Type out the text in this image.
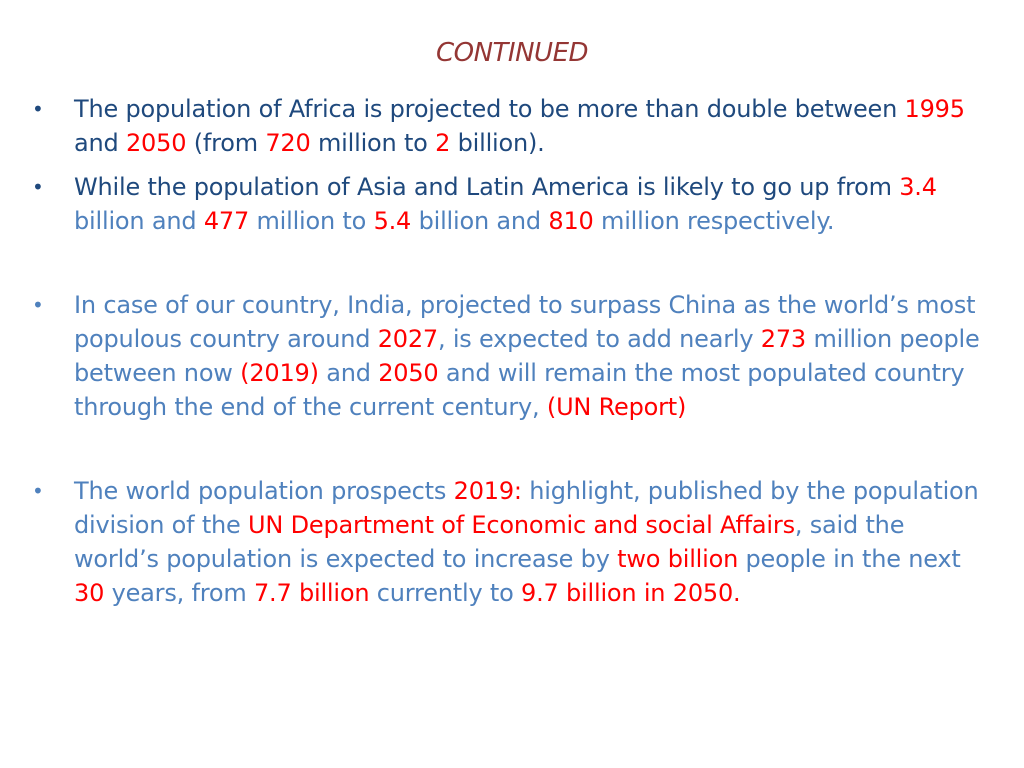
CONTINUED
• The population of Africa is projected to be more than double between 1995 and 2050 (from 720 million to 2 billion).
• While the population of Asia and Latin America is likely to go up from 3.4 billion and 477 million to 5.4 billion and 810 million respectively.
• In case of our country, India, projected to surpass China as the world’s most populous country around 2027, is expected to add nearly 273 million people between now (2019) and 2050 and will remain the most populated country through the end of the current century, (UN Report)
• The world population prospects 2019: highlight, published by the population division of the UN Department of Economic and social Affairs, said the world’s population is expected to increase by two billion people in the next 30 years, from 7.7 billion currently to 9.7 billion in 2050.
